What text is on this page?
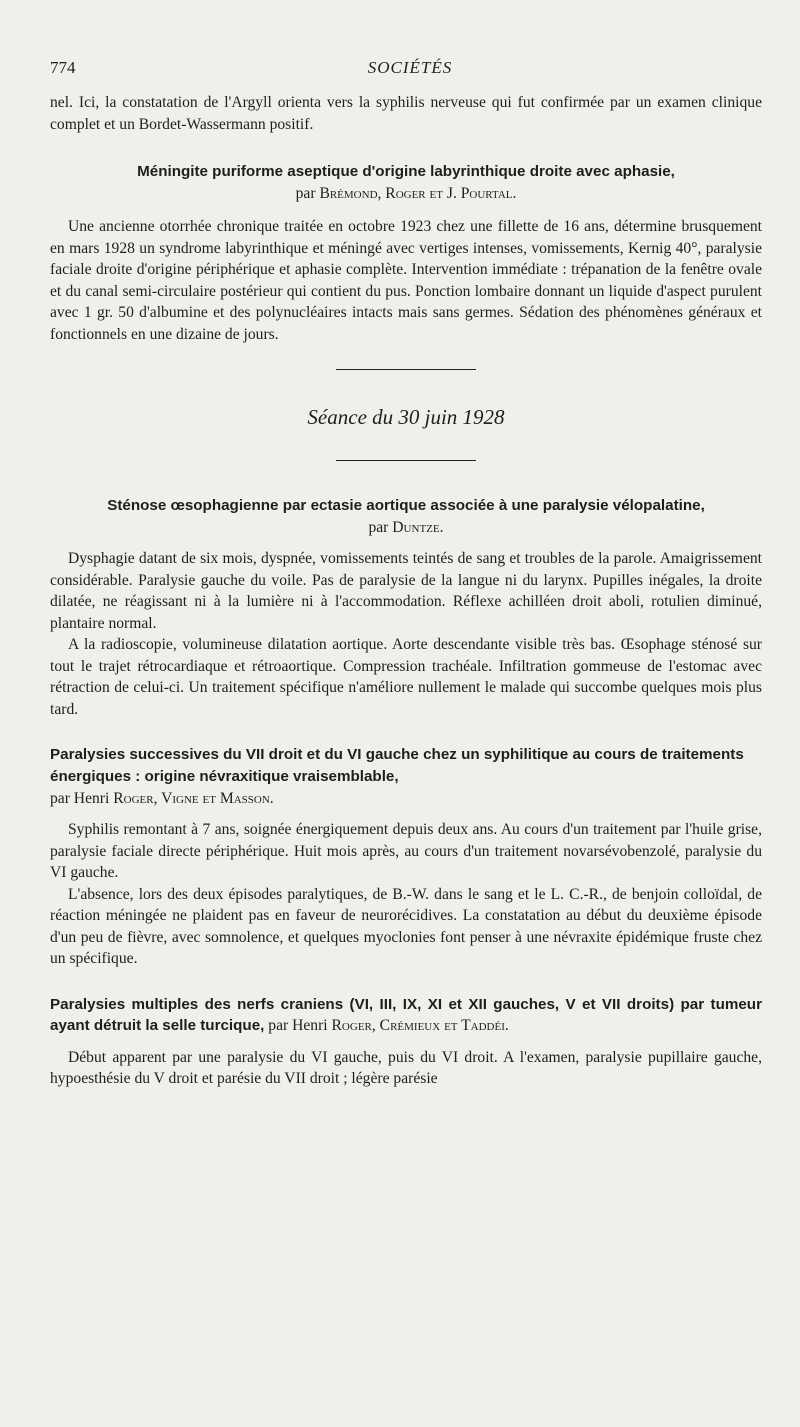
774	SOCIÉTÉS

nel. Ici, la constatation de l'Argyll orienta vers la syphilis nerveuse qui fut confirmée par un examen clinique complet et un Bordet-Wassermann positif.

Méningite puriforme aseptique d'origine labyrinthique droite avec aphasie,
par Brémond, Roger et J. Pourtal.

Une ancienne otorrhée chronique traitée en octobre 1923 chez une fillette de 16 ans, détermine brusquement en mars 1928 un syndrome labyrinthique et méningé avec vertiges intenses, vomissements, Kernig 40°, paralysie faciale droite d'origine périphérique et aphasie complète. Intervention immédiate : trépanation de la fenêtre ovale et du canal semi-circulaire postérieur qui contient du pus. Ponction lombaire donnant un liquide d'aspect purulent avec 1 gr. 50 d'albumine et des polynucléaires intacts mais sans germes. Sédation des phénomènes généraux et fonctionnels en une dizaine de jours.

Séance du 30 juin 1928
Sténose œsophagienne par ectasie aortique associée à une paralysie vélopalatine,
par Duntze.

Dysphagie datant de six mois, dyspnée, vomissements teintés de sang et troubles de la parole. Amaigrissement considérable. Paralysie gauche du voile. Pas de paralysie de la langue ni du larynx. Pupilles inégales, la droite dilatée, ne réagissant ni à la lumière ni à l'accommodation. Réflexe achilléen droit aboli, rotulien diminué, plantaire normal.

A la radioscopie, volumineuse dilatation aortique. Aorte descendante visible très bas. Œsophage sténosé sur tout le trajet rétrocardiaque et rétroaortique. Compression trachéale. Infiltration gommeuse de l'estomac avec rétraction de celui-ci. Un traitement spécifique n'améliore nullement le malade qui succombe quelques mois plus tard.

Paralysies successives du VII droit et du VI gauche chez un syphilitique au cours de traitements énergiques : origine névraxitique vraisemblable,
par Henri Roger, Vigne et Masson.

Syphilis remontant à 7 ans, soignée énergiquement depuis deux ans. Au cours d'un traitement par l'huile grise, paralysie faciale directe périphérique. Huit mois après, au cours d'un traitement novarsévobenzolé, paralysie du VI gauche.

L'absence, lors des deux épisodes paralytiques, de B.-W. dans le sang et le L. C.-R., de benjoin colloïdal, de réaction méningée ne plaident pas en faveur de neurorécidives. La constatation au début du deuxième épisode d'un peu de fièvre, avec somnolence, et quelques myoclonies font penser à une névraxite épidémique fruste chez un spécifique.

Paralysies multiples des nerfs craniens (VI, III, IX, XI et XII gauches, V et VII droits) par tumeur ayant détruit la selle turcique, par Henri Roger, Crémieux et Taddéi.

Début apparent par une paralysie du VI gauche, puis du VI droit. A l'examen, paralysie pupillaire gauche, hypoesthésie du V droit et parésie du VII droit ; légère parésie
